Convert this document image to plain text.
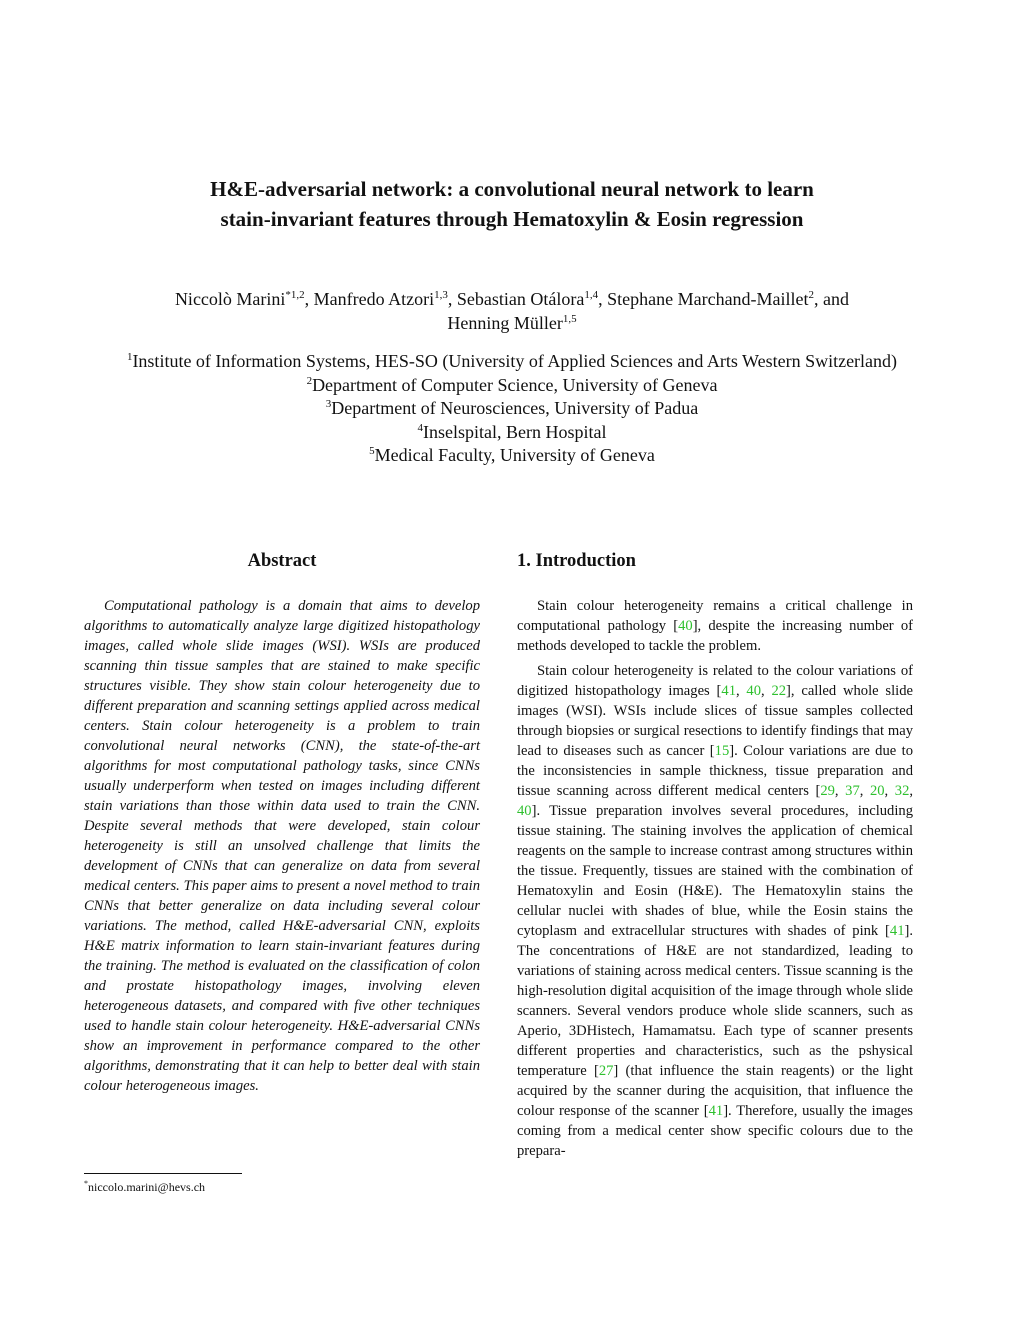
H&E-adversarial network: a convolutional neural network to learn
stain-invariant features through Hematoxylin & Eosin regression
Niccolò Marini$^{*1,2}$, Manfredo Atzori$^{1,3}$, Sebastian Otálora$^{1,4}$, Stephane Marchand-Maillet$^2$, and
Henning Müller$^{1,5}$
$^1$Institute of Information Systems, HES-SO (University of Applied Sciences and Arts Western Switzerland)
$^2$Department of Computer Science, University of Geneva
$^3$Department of Neurosciences, University of Padua
$^4$Inselspital, Bern Hospital
$^5$Medical Faculty, University of Geneva
Abstract

Computational pathology is a domain that aims to develop algorithms to automatically analyze large digitized histopathology images, called whole slide images (WSI). WSIs are produced scanning thin tissue samples that are stained to make specific structures visible. They show stain colour heterogeneity due to different preparation and scanning settings applied across medical centers. Stain colour heterogeneity is a problem to train convolutional neural networks (CNN), the state-of-the-art algorithms for most computational pathology tasks, since CNNs usually underperform when tested on images including different stain variations than those within data used to train the CNN. Despite several methods that were developed, stain colour heterogeneity is still an unsolved challenge that limits the development of CNNs that can generalize on data from several medical centers. This paper aims to present a novel method to train CNNs that better generalize on data including several colour variations. The method, called H&E-adversarial CNN, exploits H&E matrix information to learn stain-invariant features during the training. The method is evaluated on the classification of colon and prostate histopathology images, involving eleven heterogeneous datasets, and compared with five other techniques used to handle stain colour heterogeneity. H&E-adversarial CNNs show an improvement in performance compared to the other algorithms, demonstrating that it can help to better deal with stain colour heterogeneous images.

1. Introduction

Stain colour heterogeneity remains a critical challenge in computational pathology [40], despite the increasing number of methods developed to tackle the problem.

Stain colour heterogeneity is related to the colour variations of digitized histopathology images [41, 40, 22], called whole slide images (WSI). WSIs include slices of tissue samples collected through biopsies or surgical resections to identify findings that may lead to diseases such as cancer [15]. Colour variations are due to the inconsistencies in sample thickness, tissue preparation and tissue scanning across different medical centers [29, 37, 20, 32, 40]. Tissue preparation involves several procedures, including tissue staining. The staining involves the application of chemical reagents on the sample to increase contrast among structures within the tissue. Frequently, tissues are stained with the combination of Hematoxylin and Eosin (H&E). The Hematoxylin stains the cellular nuclei with shades of blue, while the Eosin stains the cytoplasm and extracellular structures with shades of pink [41]. The concentrations of H&E are not standardized, leading to variations of staining across medical centers. Tissue scanning is the high-resolution digital acquisition of the image through whole slide scanners. Several vendors produce whole slide scanners, such as Aperio, 3DHistech, Hamamatsu. Each type of scanner presents different properties and characteristics, such as the pshysical temperature [27] (that influence the stain reagents) or the light acquired by the scanner during the acquisition, that influence the colour response of the scanner [41]. Therefore, usually the images coming from a medical center show specific colours due to the prepara-

*niccolo.marini@hevs.ch
